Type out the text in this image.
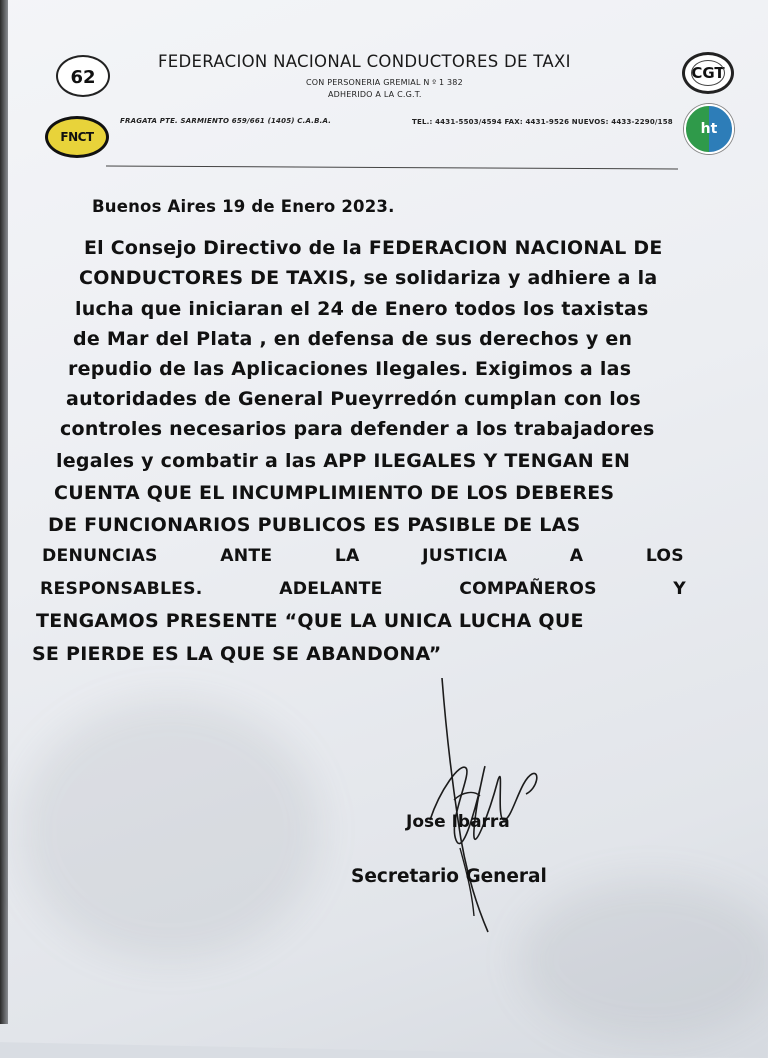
62
FNCT
CGT
ht
FEDERACION NACIONAL CONDUCTORES DE TAXI
CON PERSONERIA GREMIAL N º 1 382
ADHERIDO A LA C.G.T.
FRAGATA PTE. SARMIENTO 659/661 (1405) C.A.B.A.	TEL.: 4431-5503/4594 FAX: 4431-9526 NUEVOS: 4433-2290/158
Buenos Aires 19 de Enero 2023.
El Consejo Directivo de la FEDERACION NACIONAL DE
CONDUCTORES DE TAXIS, se solidariza y adhiere a la
lucha que iniciaran el 24 de Enero todos los taxistas
de Mar del Plata , en defensa de sus derechos y en
repudio de las Aplicaciones Ilegales. Exigimos a las
autoridades de General Pueyrredón cumplan con los
controles necesarios para defender a los trabajadores
legales y combatir a las APP ILEGALES Y TENGAN EN
CUENTA QUE EL INCUMPLIMIENTO DE LOS DEBERES
DE FUNCIONARIOS PUBLICOS ES PASIBLE DE LAS
DENUNCIAS	ANTE	LA	JUSTICIA	A	LOS
RESPONSABLES.	ADELANTE	COMPAÑEROS	Y
TENGAMOS PRESENTE “QUE LA UNICA LUCHA QUE
SE PIERDE ES LA QUE SE ABANDONA”
Jose Ibarra
Secretario General
